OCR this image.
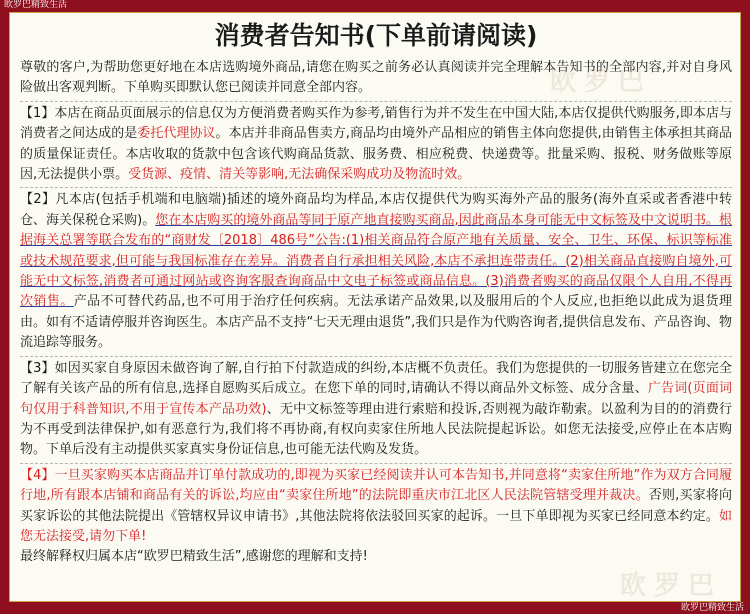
欧罗巴精致生活
欧罗巴精致生活
欧罗巴
欧罗巴
消费者告知书(下单前请阅读)

尊敬的客户,为帮助您更好地在本店选购境外商品,请您在购买之前务必认真阅读并完全理解本告知书的全部内容,并对自身风险做出客观判断。下单购买即默认您已阅读并同意全部内容。

【1】本店在商品页面展示的信息仅为方便消费者购买作为参考,销售行为并不发生在中国大陆,本店仅提供代购服务,即本店与消费者之间达成的是委托代理协议。本店并非商品售卖方,商品均由境外产品相应的销售主体向您提供,由销售主体承担其商品的质量保证责任。本店收取的货款中包含该代购商品货款、服务费、相应税费、快递费等。批量采购、报税、财务做账等原因,无法提供小票。受货源、疫情、清关等影响,无法确保采购成功及物流时效。

【2】凡本店(包括手机端和电脑端)插述的境外商品均为样品,本店仅提供代为购买海外产品的服务(海外直采或者香港中转仓、海关保税仓采购)。您在本店购买的境外商品等同于原产地直接购买商品,因此商品本身可能无中文标签及中文说明书。根据海关总署等联合发布的“商财发〔2018〕486号”公告:(1)相关商品符合原产地有关质量、安全、卫生、环保、标识等标准或技术规范要求,但可能与我国标准存在差异。消费者自行承担相关风险,本店不承担连带责任。(2)相关商品直接购自境外,可能无中文标签,消费者可通过网站或咨询客服查询商品中文电子标签或商品信息。(3)消费者购买的商品仅限个人自用,不得再次销售。产品不可替代药品,也不可用于治疗任何疾病。无法承诺产品效果,以及服用后的个人反应,也拒绝以此成为退货理由。如有不适请停服并咨询医生。本店产品不支持“七天无理由退货”,我们只是作为代购咨询者,提供信息发布、产品咨询、物流追踪等服务。

【3】如因买家自身原因未做咨询了解,自行拍下付款造成的纠纷,本店概不负责任。我们为您提供的一切服务皆建立在您完全了解有关该产品的所有信息,选择自愿购买后成立。在您下单的同时,请确认不得以商品外文标签、成分含量、广告词(页面词句仅用于科普知识,不用于宣传本产品功效)、无中文标签等理由进行索赔和投诉,否则视为敲诈勒索。以盈利为目的的消费行为不再受到法律保护,如有恶意行为,我们将不再协商,有权向卖家住所地人民法院提起诉讼。如您无法接受,应停止在本店购物。下单后没有主动提供买家真实身份证信息,也可能无法代购及发货。

【4】一旦买家购买本店商品并订单付款成功的,即视为买家已经阅读并认可本告知书,并同意将“卖家住所地”作为双方合同履行地,所有跟本店铺和商品有关的诉讼,均应由“卖家住所地”的法院即重庆市江北区人民法院管辖受理并裁决。否则,买家将向买家诉讼的其他法院提出《管辖权异议申请书》,其他法院将依法驳回买家的起诉。一旦下单即视为买家已经同意本约定。如您无法接受,请勿下单!

最终解释权归属本店“欧罗巴精致生活”,感谢您的理解和支持!
